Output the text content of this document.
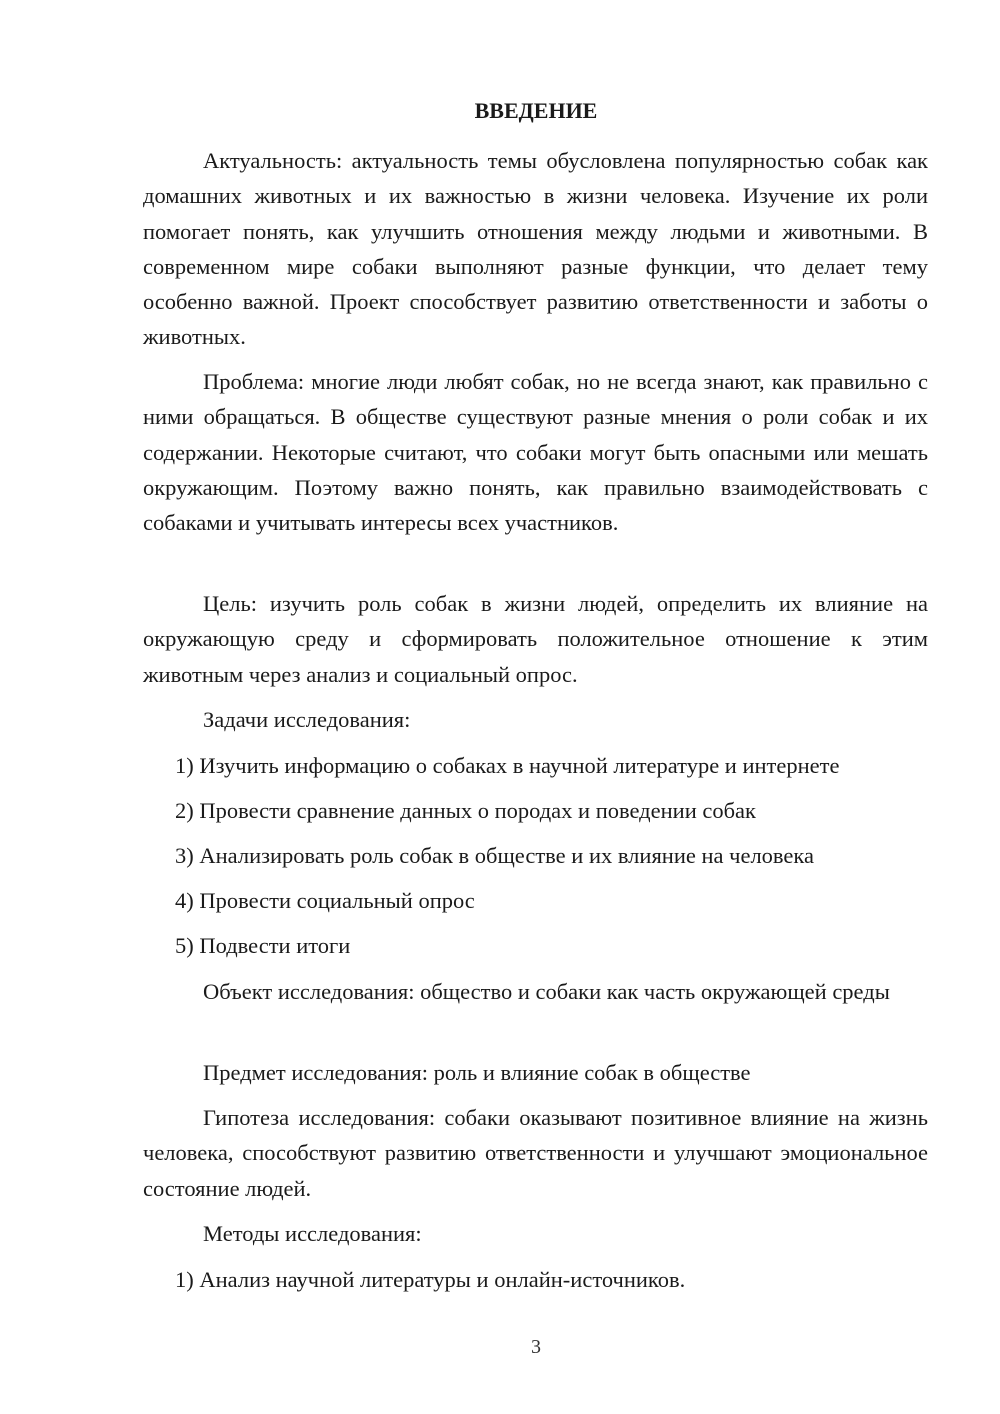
ВВЕДЕНИЕ

Актуальность: актуальность темы обусловлена популярностью собак как домашних животных и их важностью в жизни человека. Изучение их роли помогает понять, как улучшить отношения между людьми и животными. В современном мире собаки выполняют разные функции, что делает тему особенно важной. Проект способствует развитию ответственности и заботы о животных.

Проблема: многие люди любят собак, но не всегда знают, как правильно с ними обращаться. В обществе существуют разные мнения о роли собак и их содержании. Некоторые считают, что собаки могут быть опасными или мешать окружающим. Поэтому важно понять, как правильно взаимодействовать с собаками и учитывать интересы всех участников.

Цель: изучить роль собак в жизни людей, определить их влияние на окружающую среду и сформировать положительное отношение к этим животным через анализ и социальный опрос.

Задачи исследования:

1) Изучить информацию о собаках в научной литературе и интернете

2) Провести сравнение данных о породах и поведении собак

3) Анализировать роль собак в обществе и их влияние на человека

4) Провести социальный опрос

5) Подвести итоги

Объект исследования: общество и собаки как часть окружающей среды

Предмет исследования: роль и влияние собак в обществе

Гипотеза исследования: собаки оказывают позитивное влияние на жизнь человека, способствуют развитию ответственности и улучшают эмоциональное состояние людей.

Методы исследования:

1) Анализ научной литературы и онлайн-источников.

3
